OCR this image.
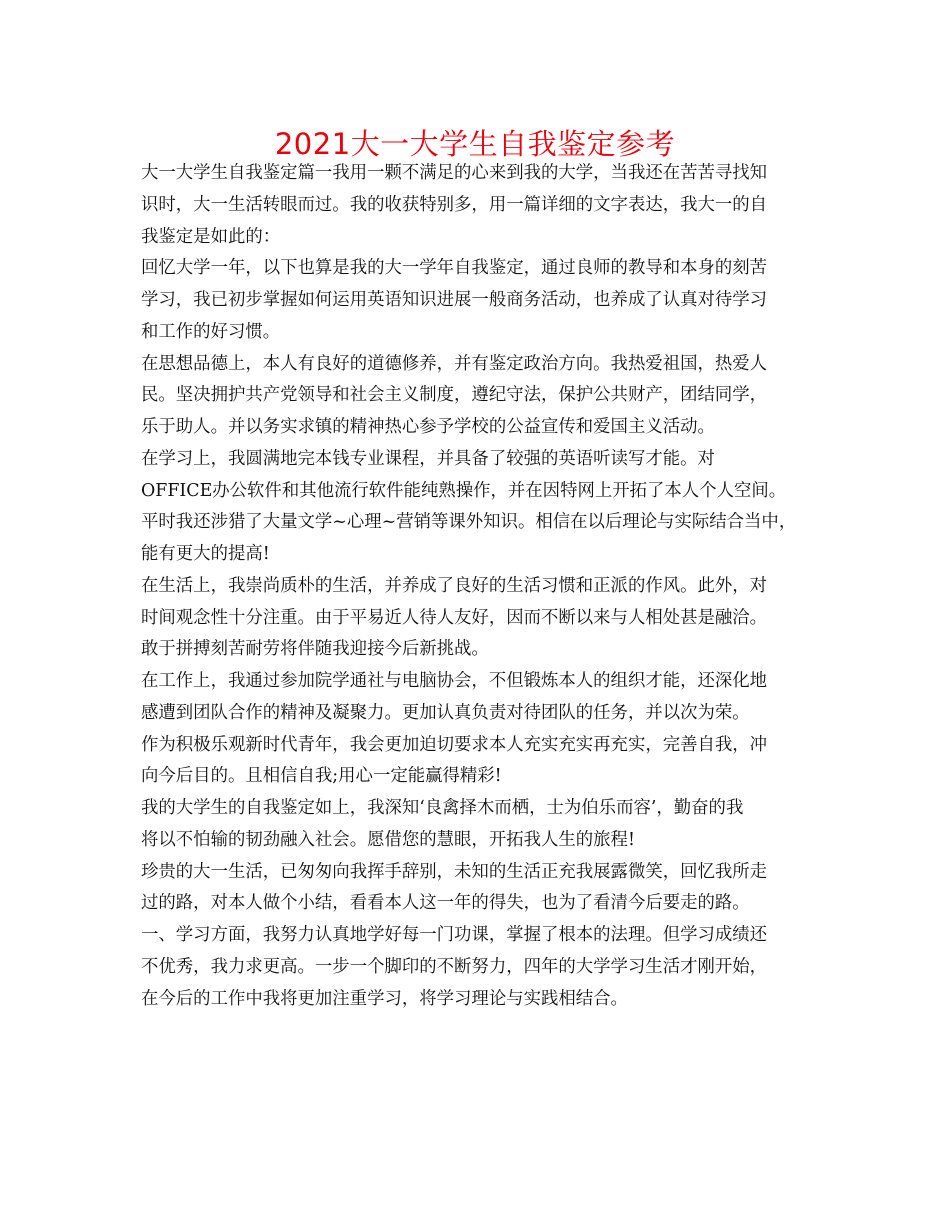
2021大一大学生自我鉴定参考
大一大学生自我鉴定篇一我用一颗不满足的心来到我的大学，当我还在苦苦寻找知
识时，大一生活转眼而过。我的收获特别多，用一篇详细的文字表达，我大一的自
我鉴定是如此的：
回忆大学一年，以下也算是我的大一学年自我鉴定，通过良师的教导和本身的刻苦
学习，我已初步掌握如何运用英语知识进展一般商务活动，也养成了认真对待学习
和工作的好习惯。
在思想品德上，本人有良好的道德修养，并有鉴定政治方向。我热爱祖国，热爱人
民。坚决拥护共产党领导和社会主义制度，遵纪守法，保护公共财产，团结同学，
乐于助人。并以务实求镇的精神热心参予学校的公益宣传和爱国主义活动。
在学习上，我圆满地完本钱专业课程，并具备了较强的英语听读写才能。对
OFFICE办公软件和其他流行软件能纯熟操作，并在因特网上开拓了本人个人空间。
平时我还涉猎了大量文学~心理~营销等课外知识。相信在以后理论与实际结合当中，
能有更大的提高!
在生活上，我崇尚质朴的生活，并养成了良好的生活习惯和正派的作风。此外，对
时间观念性十分注重。由于平易近人待人友好，因而不断以来与人相处甚是融洽。
敢于拼搏刻苦耐劳将伴随我迎接今后新挑战。
在工作上，我通过参加院学通社与电脑协会，不但锻炼本人的组织才能，还深化地
感遭到团队合作的精神及凝聚力。更加认真负责对待团队的任务，并以次为荣。
作为积极乐观新时代青年，我会更加迫切要求本人充实充实再充实，完善自我，冲
向今后目的。且相信自我;用心一定能赢得精彩!
我的大学生的自我鉴定如上，我深知‘良禽择木而栖，士为伯乐而容’，勤奋的我
将以不怕输的韧劲融入社会。愿借您的慧眼，开拓我人生的旅程!
珍贵的大一生活，已匆匆向我挥手辞别，未知的生活正充我展露微笑，回忆我所走
过的路，对本人做个小结，看看本人这一年的得失，也为了看清今后要走的路。
一、学习方面，我努力认真地学好每一门功课，掌握了根本的法理。但学习成绩还
不优秀，我力求更高。一步一个脚印的不断努力，四年的大学学习生活才刚开始，
在今后的工作中我将更加注重学习，将学习理论与实践相结合。
